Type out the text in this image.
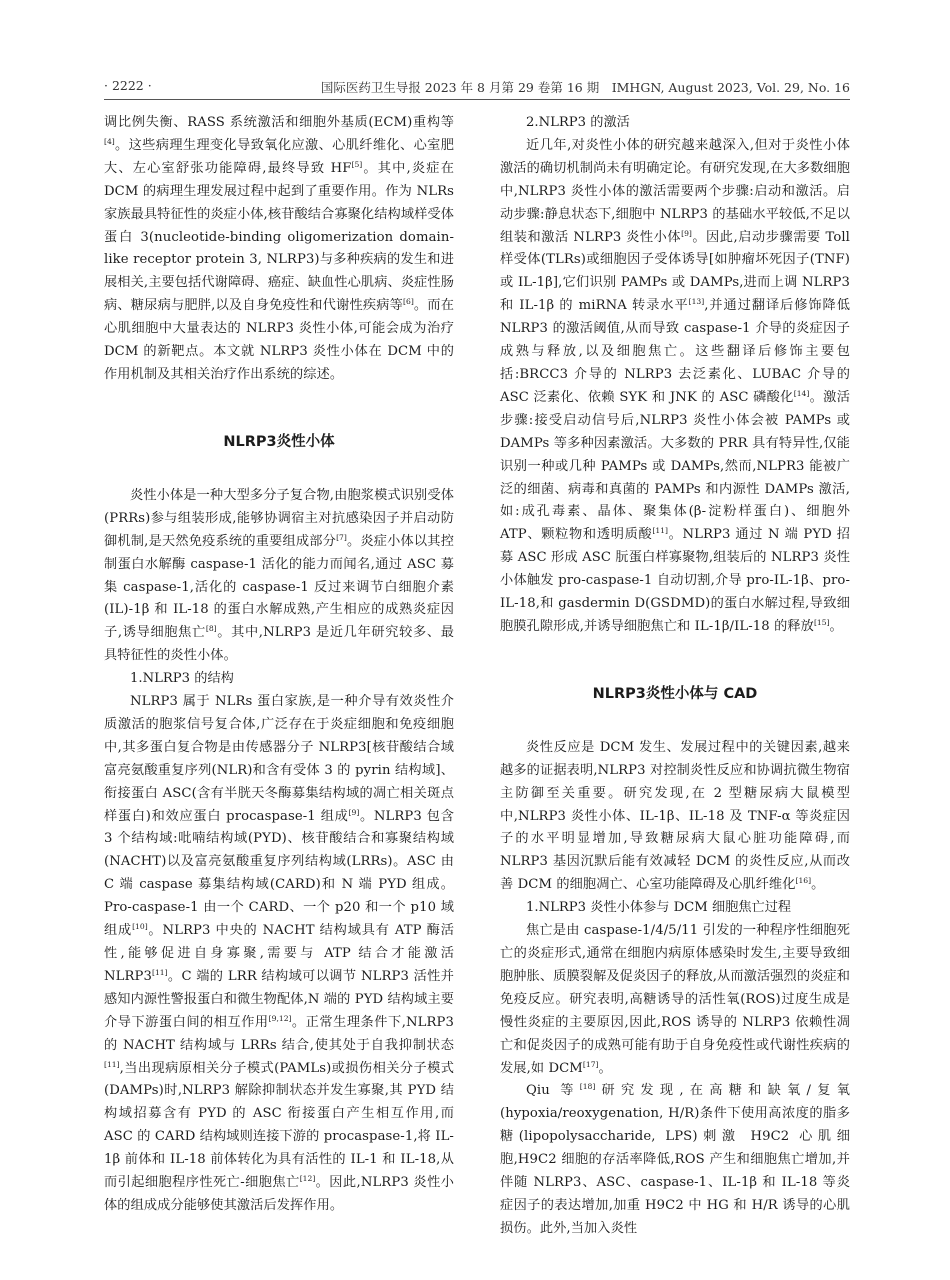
· 2222 ·	国际医药卫生导报 2023 年 8 月第 29 卷第 16 期　IMHGN, August 2023, Vol. 29, No. 16

调比例失衡、RASS 系统激活和细胞外基质(ECM)重构等[4]。这些病理生理变化导致氧化应激、心肌纤维化、心室肥大、左心室舒张功能障碍,最终导致 HF[5]。其中,炎症在 DCM 的病理生理发展过程中起到了重要作用。作为 NLRs 家族最具特征性的炎症小体,核苷酸结合寡聚化结构域样受体蛋白 3(nucleotide-binding oligomerization domain-like receptor protein 3, NLRP3)与多种疾病的发生和进展相关,主要包括代谢障碍、癌症、缺血性心肌病、炎症性肠病、糖尿病与肥胖,以及自身免疫性和代谢性疾病等[6]。而在心肌细胞中大量表达的 NLRP3 炎性小体,可能会成为治疗 DCM 的新靶点。本文就 NLRP3 炎性小体在 DCM 中的作用机制及其相关治疗作出系统的综述。

NLRP3炎性小体

炎性小体是一种大型多分子复合物,由胞浆模式识别受体(PRRs)参与组装形成,能够协调宿主对抗感染因子并启动防御机制,是天然免疫系统的重要组成部分[7]。炎症小体以其控制蛋白水解酶 caspase-1 活化的能力而闻名,通过 ASC 募集 caspase-1,活化的 caspase-1 反过来调节白细胞介素(IL)-1β 和 IL-18 的蛋白水解成熟,产生相应的成熟炎症因子,诱导细胞焦亡[8]。其中,NLRP3 是近几年研究较多、最具特征性的炎性小体。

1.NLRP3 的结构

NLRP3 属于 NLRs 蛋白家族,是一种介导有效炎性介质激活的胞浆信号复合体,广泛存在于炎症细胞和免疫细胞中,其多蛋白复合物是由传感器分子 NLRP3[核苷酸结合域富亮氨酸重复序列(NLR)和含有受体 3 的 pyrin 结构域]、衔接蛋白 ASC(含有半胱天冬酶募集结构域的凋亡相关斑点样蛋白)和效应蛋白 procaspase-1 组成[9]。NLRP3 包含 3 个结构域:吡喃结构域(PYD)、核苷酸结合和寡聚结构域(NACHT)以及富亮氨酸重复序列结构域(LRRs)。ASC 由 C 端 caspase 募集结构域(CARD)和 N 端 PYD 组成。Pro-caspase-1 由一个 CARD、一个 p20 和一个 p10 域组成[10]。NLRP3 中央的 NACHT 结构域具有 ATP 酶活性,能够促进自身寡聚,需要与 ATP 结合才能激活 NLRP3[11]。C 端的 LRR 结构域可以调节 NLRP3 活性并感知内源性警报蛋白和微生物配体,N 端的 PYD 结构域主要介导下游蛋白间的相互作用[9,12]。正常生理条件下,NLRP3 的 NACHT 结构域与 LRRs 结合,使其处于自我抑制状态[11],当出现病原相关分子模式(PAMLs)或损伤相关分子模式(DAMPs)时,NLRP3 解除抑制状态并发生寡聚,其 PYD 结构域招募含有 PYD 的 ASC 衔接蛋白产生相互作用,而 ASC 的 CARD 结构域则连接下游的 procaspase-1,将 IL-1β 前体和 IL-18 前体转化为具有活性的 IL-1 和 IL-18,从而引起细胞程序性死亡-细胞焦亡[12]。因此,NLRP3 炎性小体的组成成分能够使其激活后发挥作用。

2.NLRP3 的激活

近几年,对炎性小体的研究越来越深入,但对于炎性小体激活的确切机制尚未有明确定论。有研究发现,在大多数细胞中,NLRP3 炎性小体的激活需要两个步骤:启动和激活。启动步骤:静息状态下,细胞中 NLRP3 的基础水平较低,不足以组装和激活 NLRP3 炎性小体[9]。因此,启动步骤需要 Toll 样受体(TLRs)或细胞因子受体诱导[如肿瘤坏死因子(TNF)或 IL-1β],它们识别 PAMPs 或 DAMPs,进而上调 NLRP3 和 IL-1β 的 miRNA 转录水平[13],并通过翻译后修饰降低 NLRP3 的激活阈值,从而导致 caspase-1 介导的炎症因子成熟与释放,以及细胞焦亡。这些翻译后修饰主要包括:BRCC3 介导的 NLRP3 去泛素化、LUBAC 介导的 ASC 泛素化、依赖 SYK 和 JNK 的 ASC 磷酸化[14]。激活步骤:接受启动信号后,NLRP3 炎性小体会被 PAMPs 或 DAMPs 等多种因素激活。大多数的 PRR 具有特异性,仅能识别一种或几种 PAMPs 或 DAMPs,然而,NLPR3 能被广泛的细菌、病毒和真菌的 PAMPs 和内源性 DAMPs 激活,如:成孔毒素、晶体、聚集体(β-淀粉样蛋白)、细胞外 ATP、颗粒物和透明质酸[11]。NLRP3 通过 N 端 PYD 招募 ASC 形成 ASC 朊蛋白样寡聚物,组装后的 NLRP3 炎性小体触发 pro-caspase-1 自动切割,介导 pro-IL-1β、pro-IL-18,和 gasdermin D(GSDMD)的蛋白水解过程,导致细胞膜孔隙形成,并诱导细胞焦亡和 IL-1β/IL-18 的释放[15]。

NLRP3炎性小体与 CAD

炎性反应是 DCM 发生、发展过程中的关键因素,越来越多的证据表明,NLRP3 对控制炎性反应和协调抗微生物宿主防御至关重要。研究发现,在 2 型糖尿病大鼠模型中,NLRP3 炎性小体、IL-1β、IL-18 及 TNF-α 等炎症因子的水平明显增加,导致糖尿病大鼠心脏功能障碍,而 NLRP3 基因沉默后能有效减轻 DCM 的炎性反应,从而改善 DCM 的细胞凋亡、心室功能障碍及心肌纤维化[16]。

1.NLRP3 炎性小体参与 DCM 细胞焦亡过程

焦亡是由 caspase-1/4/5/11 引发的一种程序性细胞死亡的炎症形式,通常在细胞内病原体感染时发生,主要导致细胞肿胀、质膜裂解及促炎因子的释放,从而激活强烈的炎症和免疫反应。研究表明,高糖诱导的活性氧(ROS)过度生成是慢性炎症的主要原因,因此,ROS 诱导的 NLRP3 依赖性凋亡和促炎因子的成熟可能有助于自身免疫性或代谢性疾病的发展,如 DCM[17]。

Qiu 等[18]研究发现,在高糖和缺氧/复氧(hypoxia/reoxygenation, H/R)条件下使用高浓度的脂多糖(lipopolysaccharide, LPS)刺激 H9C2 心肌细胞,H9C2 细胞的存活率降低,ROS 产生和细胞焦亡增加,并伴随 NLRP3、ASC、caspase-1、IL-1β 和 IL-18 等炎症因子的表达增加,加重 H9C2 中 HG 和 H/R 诱导的心肌损伤。此外,当加入炎性
